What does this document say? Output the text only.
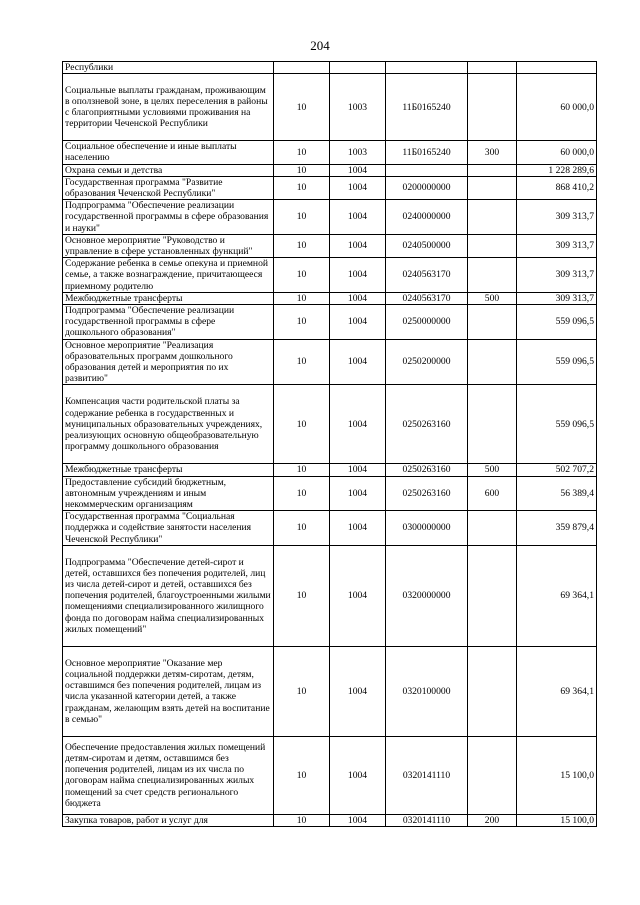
204
Республики					
Социальные выплаты гражданам, проживающим в оползневой зоне, в целях переселения в районы с благоприятными условиями проживания на территории Чеченской Республики	10	1003	11Б0165240		60 000,0
Социальное обеспечение и иные выплаты населению	10	1003	11Б0165240	300	60 000,0
Охрана семьи и детства	10	1004			1 228 289,6
Государственная программа "Развитие образования Чеченской Республики"	10	1004	0200000000		868 410,2
Подпрограмма "Обеспечение реализации государственной программы в сфере образования и науки"	10	1004	0240000000		309 313,7
Основное мероприятие "Руководство и управление в сфере установленных функций"	10	1004	0240500000		309 313,7
Содержание ребенка в семье опекуна и приемной семье, а также вознаграждение, причитающееся приемному родителю	10	1004	0240563170		309 313,7
Межбюджетные трансферты	10	1004	0240563170	500	309 313,7
Подпрограмма "Обеспечение реализации государственной программы в сфере дошкольного образования"	10	1004	0250000000		559 096,5
Основное мероприятие "Реализация образовательных программ дошкольного образования детей и мероприятия по их развитию"	10	1004	0250200000		559 096,5
Компенсация части родительской платы за содержание ребенка в государственных и муниципальных образовательных учреждениях, реализующих основную общеобразовательную программу дошкольного образования	10	1004	0250263160		559 096,5
Межбюджетные трансферты	10	1004	0250263160	500	502 707,2
Предоставление субсидий бюджетным, автономным учреждениям и иным некоммерческим организациям	10	1004	0250263160	600	56 389,4
Государственная программа "Социальная поддержка и содействие занятости населения Чеченской Республики"	10	1004	0300000000		359 879,4
Подпрограмма "Обеспечение детей-сирот и детей, оставшихся без попечения родителей, лиц из числа детей-сирот и детей, оставшихся без попечения родителей, благоустроенными жилыми помещениями специализированного жилищного фонда по договорам найма специализированных жилых помещений"	10	1004	0320000000		69 364,1
Основное мероприятие "Оказание мер социальной поддержки детям-сиротам, детям, оставшимся без попечения родителей, лицам из числа указанной категории детей, а также гражданам, желающим взять детей на воспитание в семью"	10	1004	0320100000		69 364,1
Обеспечение предоставления жилых помещений детям-сиротам и детям, оставшимся без попечения родителей, лицам из их числа по договорам найма специализированных жилых помещений за счет средств регионального бюджета	10	1004	0320141110		15 100,0
Закупка товаров, работ и услуг для	10	1004	0320141110	200	15 100,0
